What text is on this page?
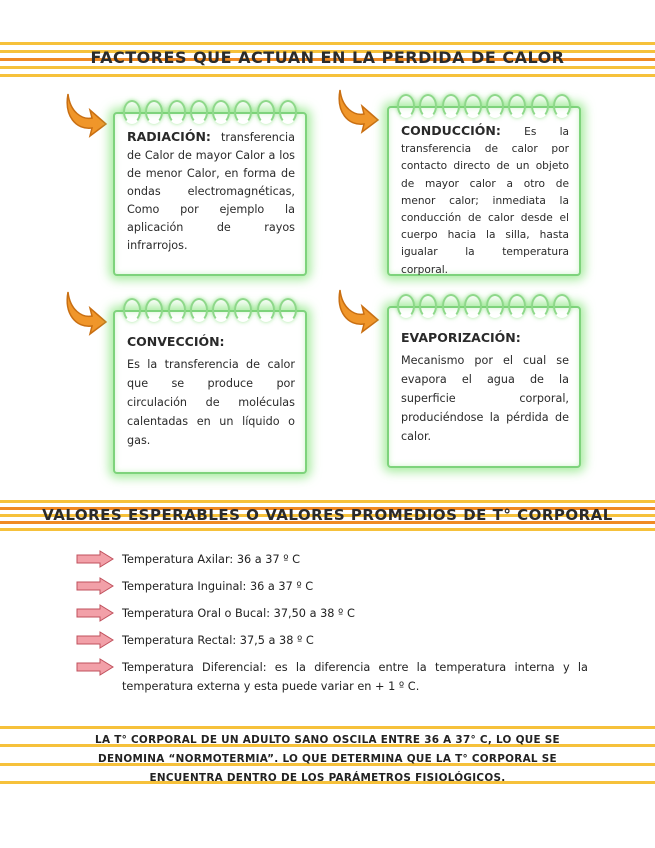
FACTORES QUE ACTUAN EN LA PERDIDA DE CALOR
RADIACIÓN: transferencia de Calor de mayor Calor a los de menor Calor, en forma de ondas electromagnéticas, Como por ejemplo la aplicación de rayos infrarrojos.
CONDUCCIÓN: Es la transferencia de calor por contacto directo de un objeto de mayor calor a otro de menor calor; inmediata la conducción de calor desde el cuerpo hacia la silla, hasta igualar la temperatura corporal.
CONVECCIÓN:
Es la transferencia de calor que se produce por circulación de moléculas calentadas en un líquido o gas.
EVAPORIZACIÓN:
Mecanismo por el cual se evapora el agua de la superficie corporal, produciéndose la pérdida de calor.
VALORES ESPERABLES O VALORES PROMEDIOS DE T° CORPORAL
Temperatura Axilar: 36 a 37 º C
Temperatura Inguinal: 36 a 37 º C
Temperatura Oral o Bucal: 37,50 a 38 º C
Temperatura Rectal: 37,5 a 38 º C
Temperatura Diferencial: es la diferencia entre la temperatura interna y la temperatura externa y esta puede variar en + 1 º C.
LA T° CORPORAL DE UN ADULTO SANO OSCILA ENTRE 36 A 37° C, LO QUE SE DENOMINA “NORMOTERMIA”. LO QUE DETERMINA QUE LA T° CORPORAL SE ENCUENTRA DENTRO DE LOS PARÁMETROS FISIOLÓGICOS.
